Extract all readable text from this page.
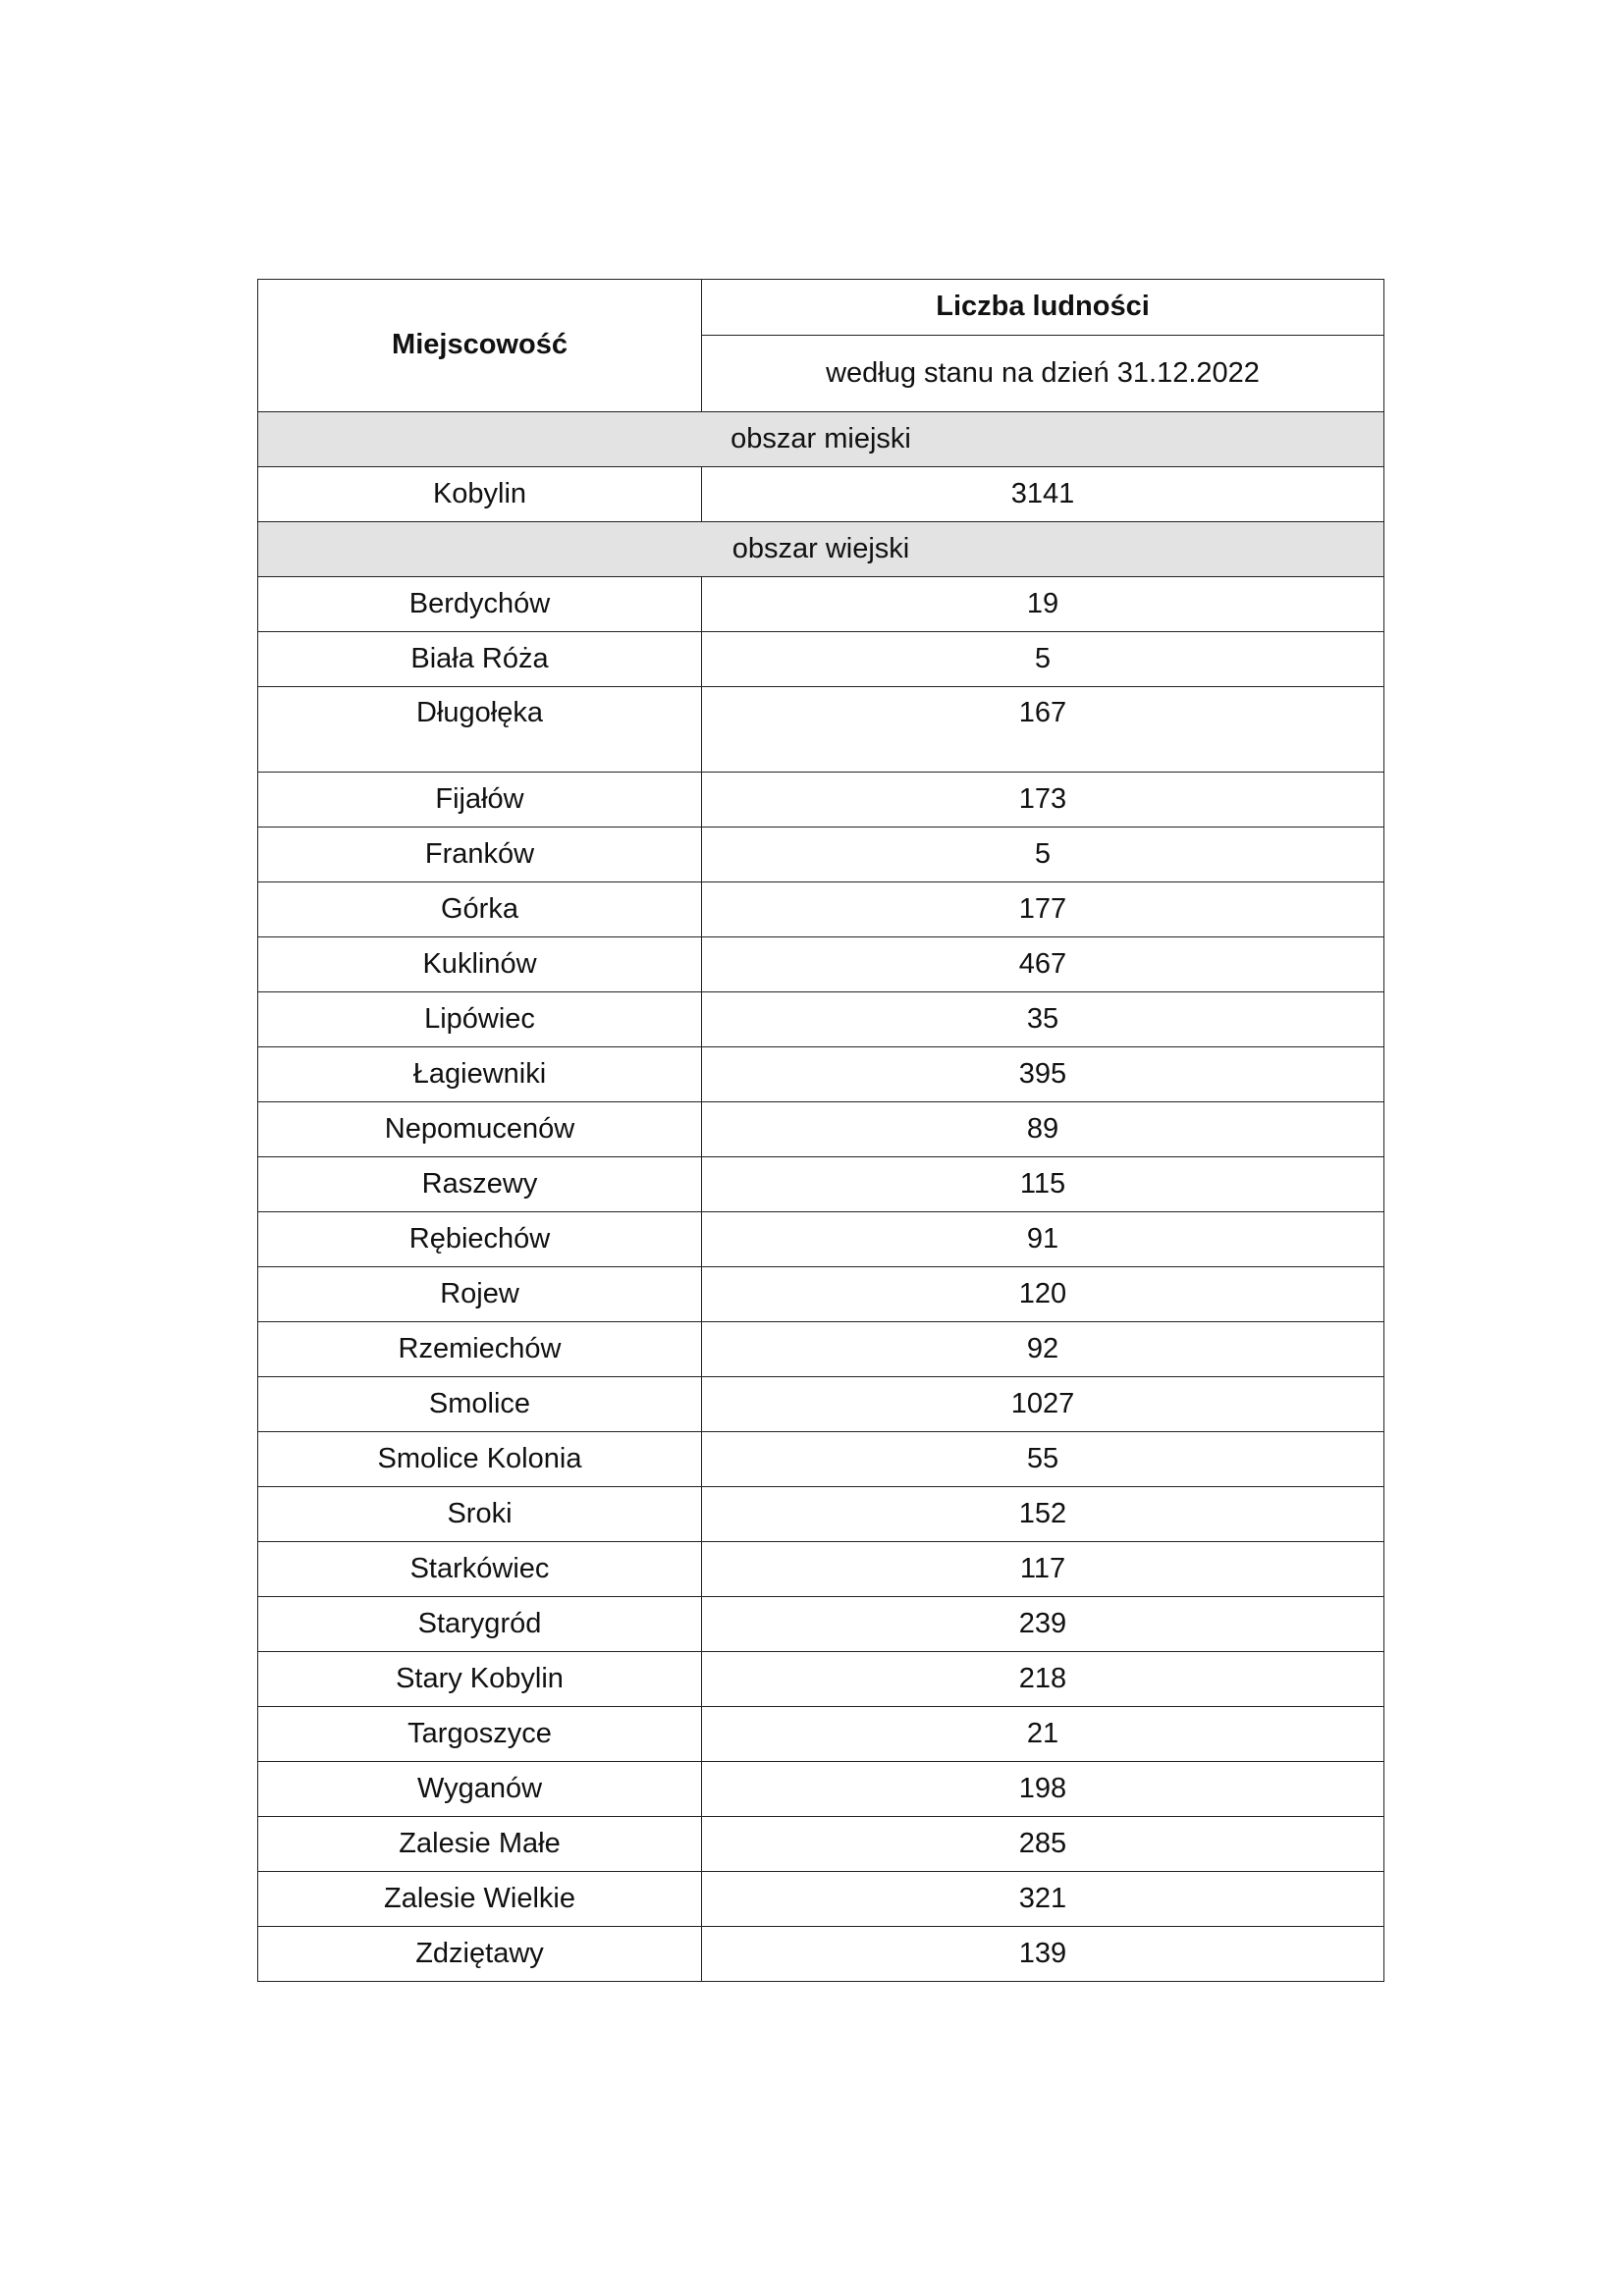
Miejscowość	Liczba ludności
	według stanu na dzień 31.12.2022
obszar miejski	
Kobylin	3141
obszar wiejski	
Berdychów	19
Biała Róża	5
Długołęka	167
Fijałów	173
Franków	5
Górka	177
Kuklinów	467
Lipówiec	35
Łagiewniki	395
Nepomucenów	89
Raszewy	115
Rębiechów	91
Rojew	120
Rzemiechów	92
Smolice	1027
Smolice Kolonia	55
Sroki	152
Starkówiec	117
Starygród	239
Stary Kobylin	218
Targoszyce	21
Wyganów	198
Zalesie Małe	285
Zalesie Wielkie	321
Zdziętawy	139
